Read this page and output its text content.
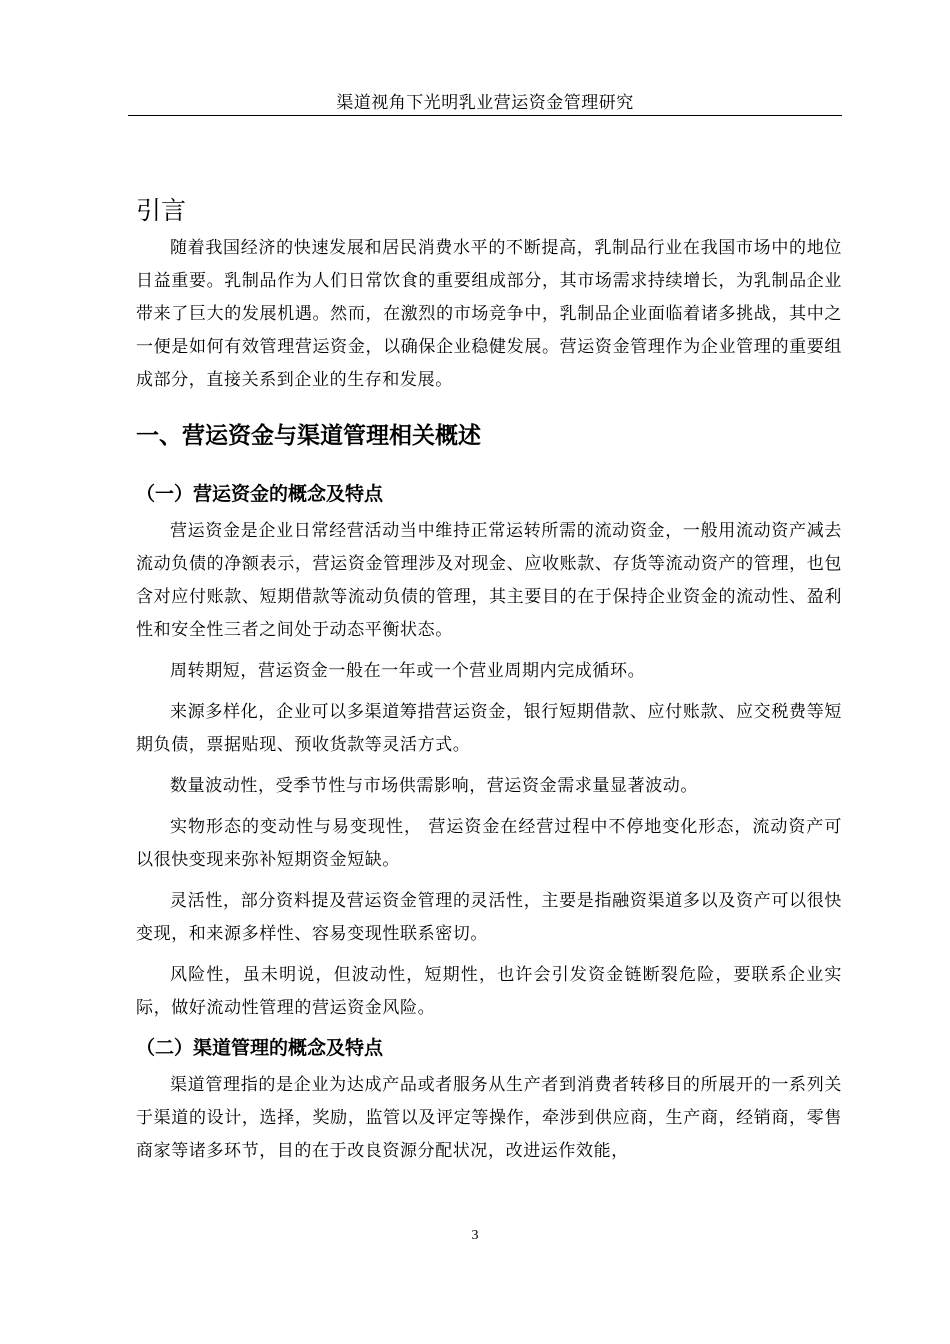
渠道视角下光明乳业营运资金管理研究
引言

随着我国经济的快速发展和居民消费水平的不断提高，乳制品行业在我国市场中的地位日益重要。乳制品作为人们日常饮食的重要组成部分，其市场需求持续增长，为乳制品企业带来了巨大的发展机遇。然而，在激烈的市场竞争中，乳制品企业面临着诸多挑战，其中之一便是如何有效管理营运资金，以确保企业稳健发展。营运资金管理作为企业管理的重要组成部分，直接关系到企业的生存和发展。

一、营运资金与渠道管理相关概述
（一）营运资金的概念及特点

营运资金是企业日常经营活动当中维持正常运转所需的流动资金，一般用流动资产减去流动负债的净额表示，营运资金管理涉及对现金、应收账款、存货等流动资产的管理，也包含对应付账款、短期借款等流动负债的管理，其主要目的在于保持企业资金的流动性、盈利性和安全性三者之间处于动态平衡状态。

周转期短，营运资金一般在一年或一个营业周期内完成循环。

来源多样化，企业可以多渠道筹措营运资金，银行短期借款、应付账款、应交税费等短期负债，票据贴现、预收货款等灵活方式。

数量波动性，受季节性与市场供需影响，营运资金需求量显著波动。

实物形态的变动性与易变现性， 营运资金在经营过程中不停地变化形态，流动资产可以很快变现来弥补短期资金短缺。

灵活性，部分资料提及营运资金管理的灵活性，主要是指融资渠道多以及资产可以很快变现，和来源多样性、容易变现性联系密切。

风险性，虽未明说，但波动性，短期性，也许会引发资金链断裂危险，要联系企业实际，做好流动性管理的营运资金风险。

（二）渠道管理的概念及特点

渠道管理指的是企业为达成产品或者服务从生产者到消费者转移目的所展开的一系列关于渠道的设计，选择，奖励，监管以及评定等操作，牵涉到供应商，生产商，经销商，零售商家等诸多环节，目的在于改良资源分配状况，改进运作效能，

3
